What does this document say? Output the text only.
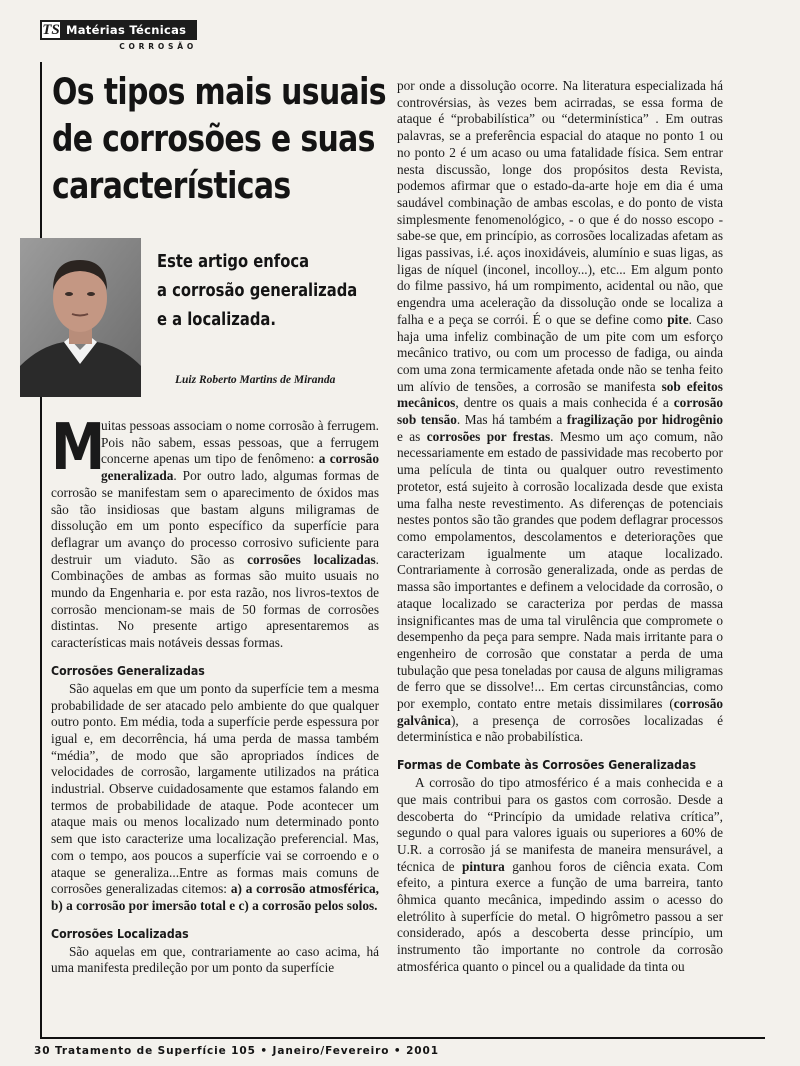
TS Matérias Técnicas
CORROSÃO
Os tipos mais usuais
de corrosões e suas
características
Este artigo enfoca
a corrosão generalizada
e a localizada.
Luiz Roberto Martins de Miranda

M
uitas pessoas associam o nome corrosão à ferrugem. Pois não sabem, essas pessoas, que a ferrugem concerne apenas um tipo de fenômeno: a corrosão generalizada. Por outro lado, algumas formas de corrosão se manifestam sem o aparecimento de óxidos mas são tão insidiosas que bastam alguns miligramas de dissolução em um ponto específico da superfície para deflagrar um avanço do processo corrosivo suficiente para destruir um viaduto. São as corrosões localizadas. Combinações de ambas as formas são muito usuais no mundo da Engenharia e. por esta razão, nos livros-textos de corrosão mencionam-se mais de 50 formas de corrosões distintas. No presente artigo apresentaremos as características mais notáveis dessas formas.

Corrosões Generalizadas

São aquelas em que um ponto da superfície tem a mesma probabilidade de ser atacado pelo ambiente do que qualquer outro ponto. Em média, toda a superfície perde espessura por igual e, em decorrência, há uma perda de massa também “média”, de modo que são apropriados índices de velocidades de corrosão, largamente utilizados na prática industrial. Observe cuidadosamente que estamos falando em termos de probabilidade de ataque. Pode acontecer um ataque mais ou menos localizado num determinado ponto sem que isto caracterize uma localização preferencial. Mas, com o tempo, aos poucos a superfície vai se corroendo e o ataque se generaliza...Entre as formas mais comuns de corrosões generalizadas citemos: a) a corrosão atmosférica, b) a corrosão por imersão total e c) a corrosão pelos solos.

Corrosões Localizadas

São aquelas em que, contrariamente ao caso acima, há uma manifesta predileção por um ponto da superfície

por onde a dissolução ocorre. Na literatura especializada há controvérsias, às vezes bem acirradas, se essa forma de ataque é “probabilística” ou “determinística” . Em outras palavras, se a preferência espacial do ataque no ponto 1 ou no ponto 2 é um acaso ou uma fatalidade física. Sem entrar nesta discussão, longe dos propósitos desta Revista, podemos afirmar que o estado-da-arte hoje em dia é uma saudável combinação de ambas escolas, e do ponto de vista simplesmente fenomenológico, - o que é do nosso escopo - sabe-se que, em princípio, as corrosões localizadas afetam as ligas passivas, i.é. aços inoxidáveis, alumínio e suas ligas, as ligas de níquel (inconel, incolloy...), etc... Em algum ponto do filme passivo, há um rompimento, acidental ou não, que engendra uma aceleração da dissolução onde se localiza a falha e a peça se corrói. É o que se define como pite. Caso haja uma infeliz combinação de um pite com um esforço mecânico trativo, ou com um processo de fadiga, ou ainda com uma zona termicamente afetada onde não se tenha feito um alívio de tensões, a corrosão se manifesta sob efeitos mecânicos, dentre os quais a mais conhecida é a corrosão sob tensão. Mas há também a fragilização por hidrogênio e as corrosões por frestas. Mesmo um aço comum, não necessariamente em estado de passividade mas recoberto por uma película de tinta ou qualquer outro revestimento protetor, está sujeito à corrosão localizada desde que exista uma falha neste revestimento. As diferenças de potenciais nestes pontos são tão grandes que podem deflagrar processos como empolamentos, descolamentos e deteriorações que caracterizam igualmente um ataque localizado. Contrariamente à corrosão generalizada, onde as perdas de massa são importantes e definem a velocidade da corrosão, o ataque localizado se caracteriza por perdas de massa insignificantes mas de uma tal virulência que compromete o desempenho da peça para sempre. Nada mais irritante para o engenheiro de corrosão que constatar a perda de uma tubulação que pesa toneladas por causa de alguns miligramas de ferro que se dissolve!... Em certas circunstâncias, como por exemplo, contato entre metais dissimilares (corrosão galvânica), a presença de corrosões localizadas é determinística e não probabilística.

Formas de Combate às Corrosões Generalizadas

A corrosão do tipo atmosférico é a mais conhecida e a que mais contribui para os gastos com corrosão. Desde a descoberta do “Princípio da umidade relativa crítica”, segundo o qual para valores iguais ou superiores a 60% de U.R. a corrosão já se manifesta de maneira mensurável, a técnica de pintura ganhou foros de ciência exata. Com efeito, a pintura exerce a função de uma barreira, tanto ôhmica quanto mecânica, impedindo assim o acesso do eletrólito à superfície do metal. O higrômetro passou a ser considerado, após a descoberta desse princípio, um instrumento tão importante no controle da corrosão atmosférica quanto o pincel ou a qualidade da tinta ou

30 Tratamento de Superfície 105 • Janeiro/Fevereiro • 2001
